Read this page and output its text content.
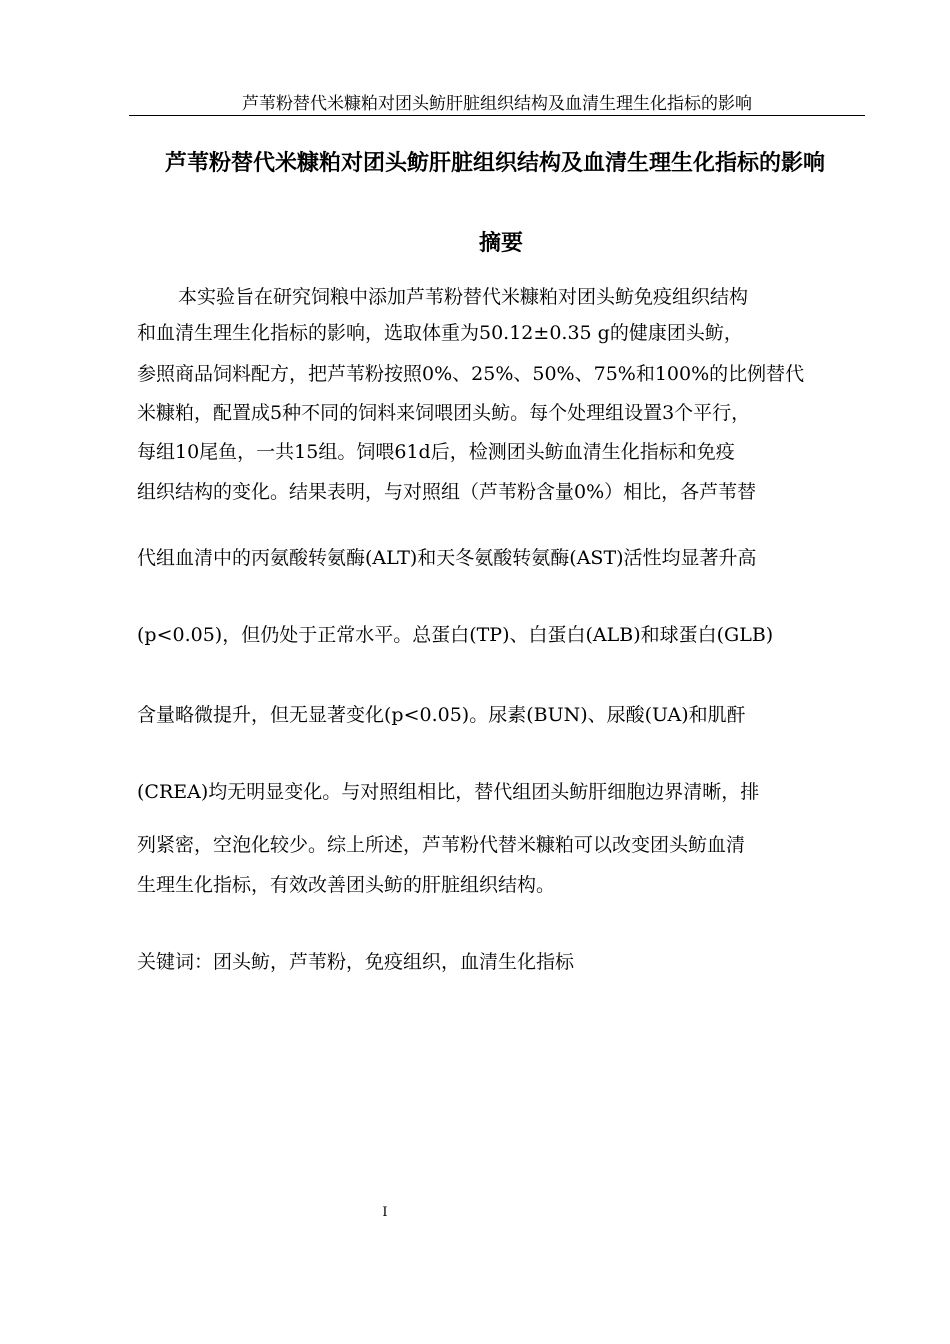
芦苇粉替代米糠粕对团头鲂肝脏组织结构及血清生理生化指标的影响
芦苇粉替代米糠粕对团头鲂肝脏组织结构及血清生理生化指标的影响
摘要
本实验旨在研究饲粮中添加芦苇粉替代米糠粕对团头鲂免疫组织结构
和血清生理生化指标的影响，选取体重为50.12±0.35 g的健康团头鲂，
参照商品饲料配方，把芦苇粉按照0%、25%、50%、75%和100%的比例替代
米糠粕，配置成5种不同的饲料来饲喂团头鲂。每个处理组设置3个平行，
每组10尾鱼，一共15组。饲喂61d后，检测团头鲂血清生化指标和免疫
组织结构的变化。结果表明，与对照组（芦苇粉含量0%）相比，各芦苇替
代组血清中的丙氨酸转氨酶(ALT)和天冬氨酸转氨酶(AST)活性均显著升高
(p<0.05)，但仍处于正常水平。总蛋白(TP)、白蛋白(ALB)和球蛋白(GLB)
含量略微提升，但无显著变化(p<0.05)。尿素(BUN)、尿酸(UA)和肌酐
(CREA)均无明显变化。与对照组相比，替代组团头鲂肝细胞边界清晰，排
列紧密，空泡化较少。综上所述，芦苇粉代替米糠粕可以改变团头鲂血清
生理生化指标，有效改善团头鲂的肝脏组织结构。
关键词：团头鲂，芦苇粉，免疫组织，血清生化指标
I
